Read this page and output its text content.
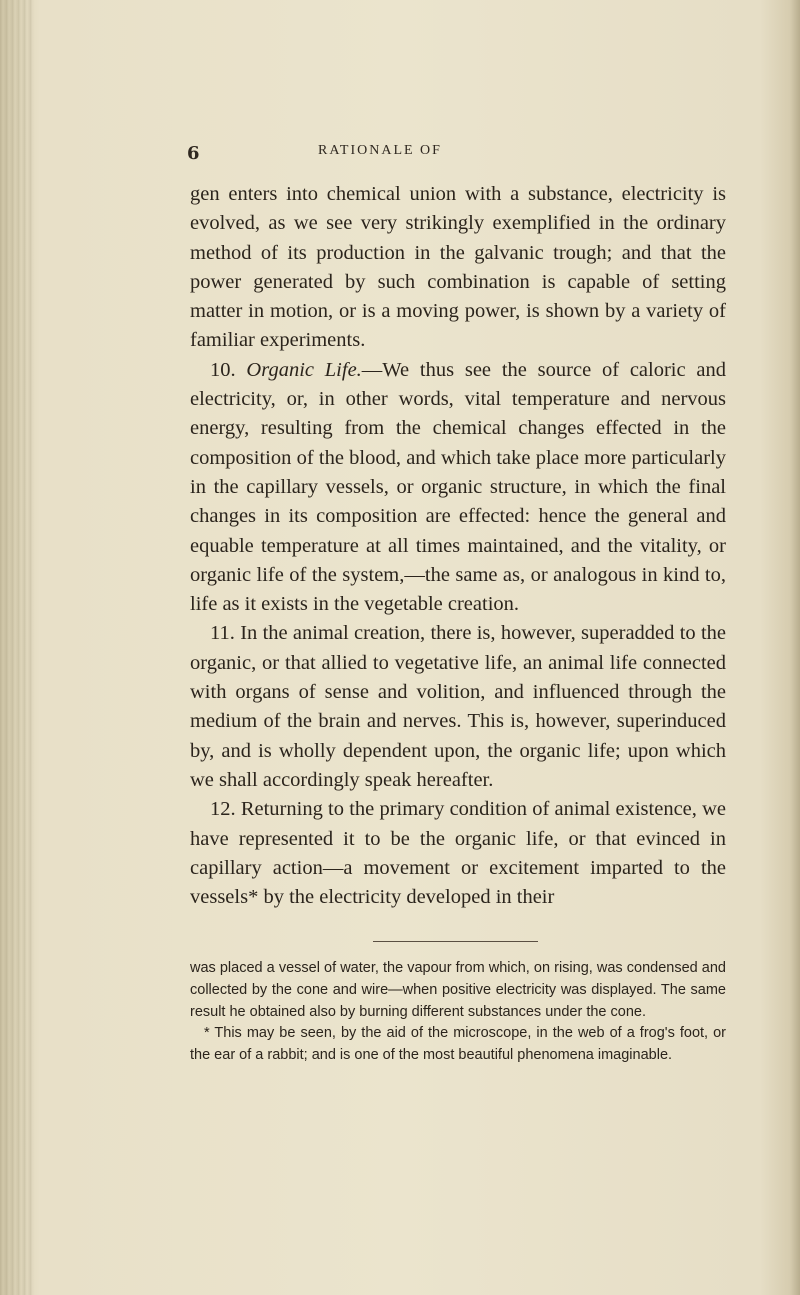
6	RATIONALE OF

gen enters into chemical union with a substance, electricity is evolved, as we see very strikingly exemplified in the ordinary method of its production in the galvanic trough; and that the power generated by such combination is capable of setting matter in motion, or is a moving power, is shown by a variety of familiar experiments.

10. Organic Life.—We thus see the source of caloric and electricity, or, in other words, vital temperature and nervous energy, resulting from the chemical changes effected in the composition of the blood, and which take place more particularly in the capillary vessels, or organic structure, in which the final changes in its composition are effected: hence the general and equable temperature at all times maintained, and the vitality, or organic life of the system,—the same as, or analogous in kind to, life as it exists in the vegetable creation.

11. In the animal creation, there is, however, superadded to the organic, or that allied to vegetative life, an animal life connected with organs of sense and volition, and influenced through the medium of the brain and nerves. This is, however, superinduced by, and is wholly dependent upon, the organic life; upon which we shall accordingly speak hereafter.

12. Returning to the primary condition of animal existence, we have represented it to be the organic life, or that evinced in capillary action—a movement or excitement imparted to the vessels* by the electricity developed in their

was placed a vessel of water, the vapour from which, on rising, was condensed and collected by the cone and wire—when positive electricity was displayed. The same result he obtained also by burning different substances under the cone.

* This may be seen, by the aid of the microscope, in the web of a frog's foot, or the ear of a rabbit; and is one of the most beautiful phenomena imaginable.
